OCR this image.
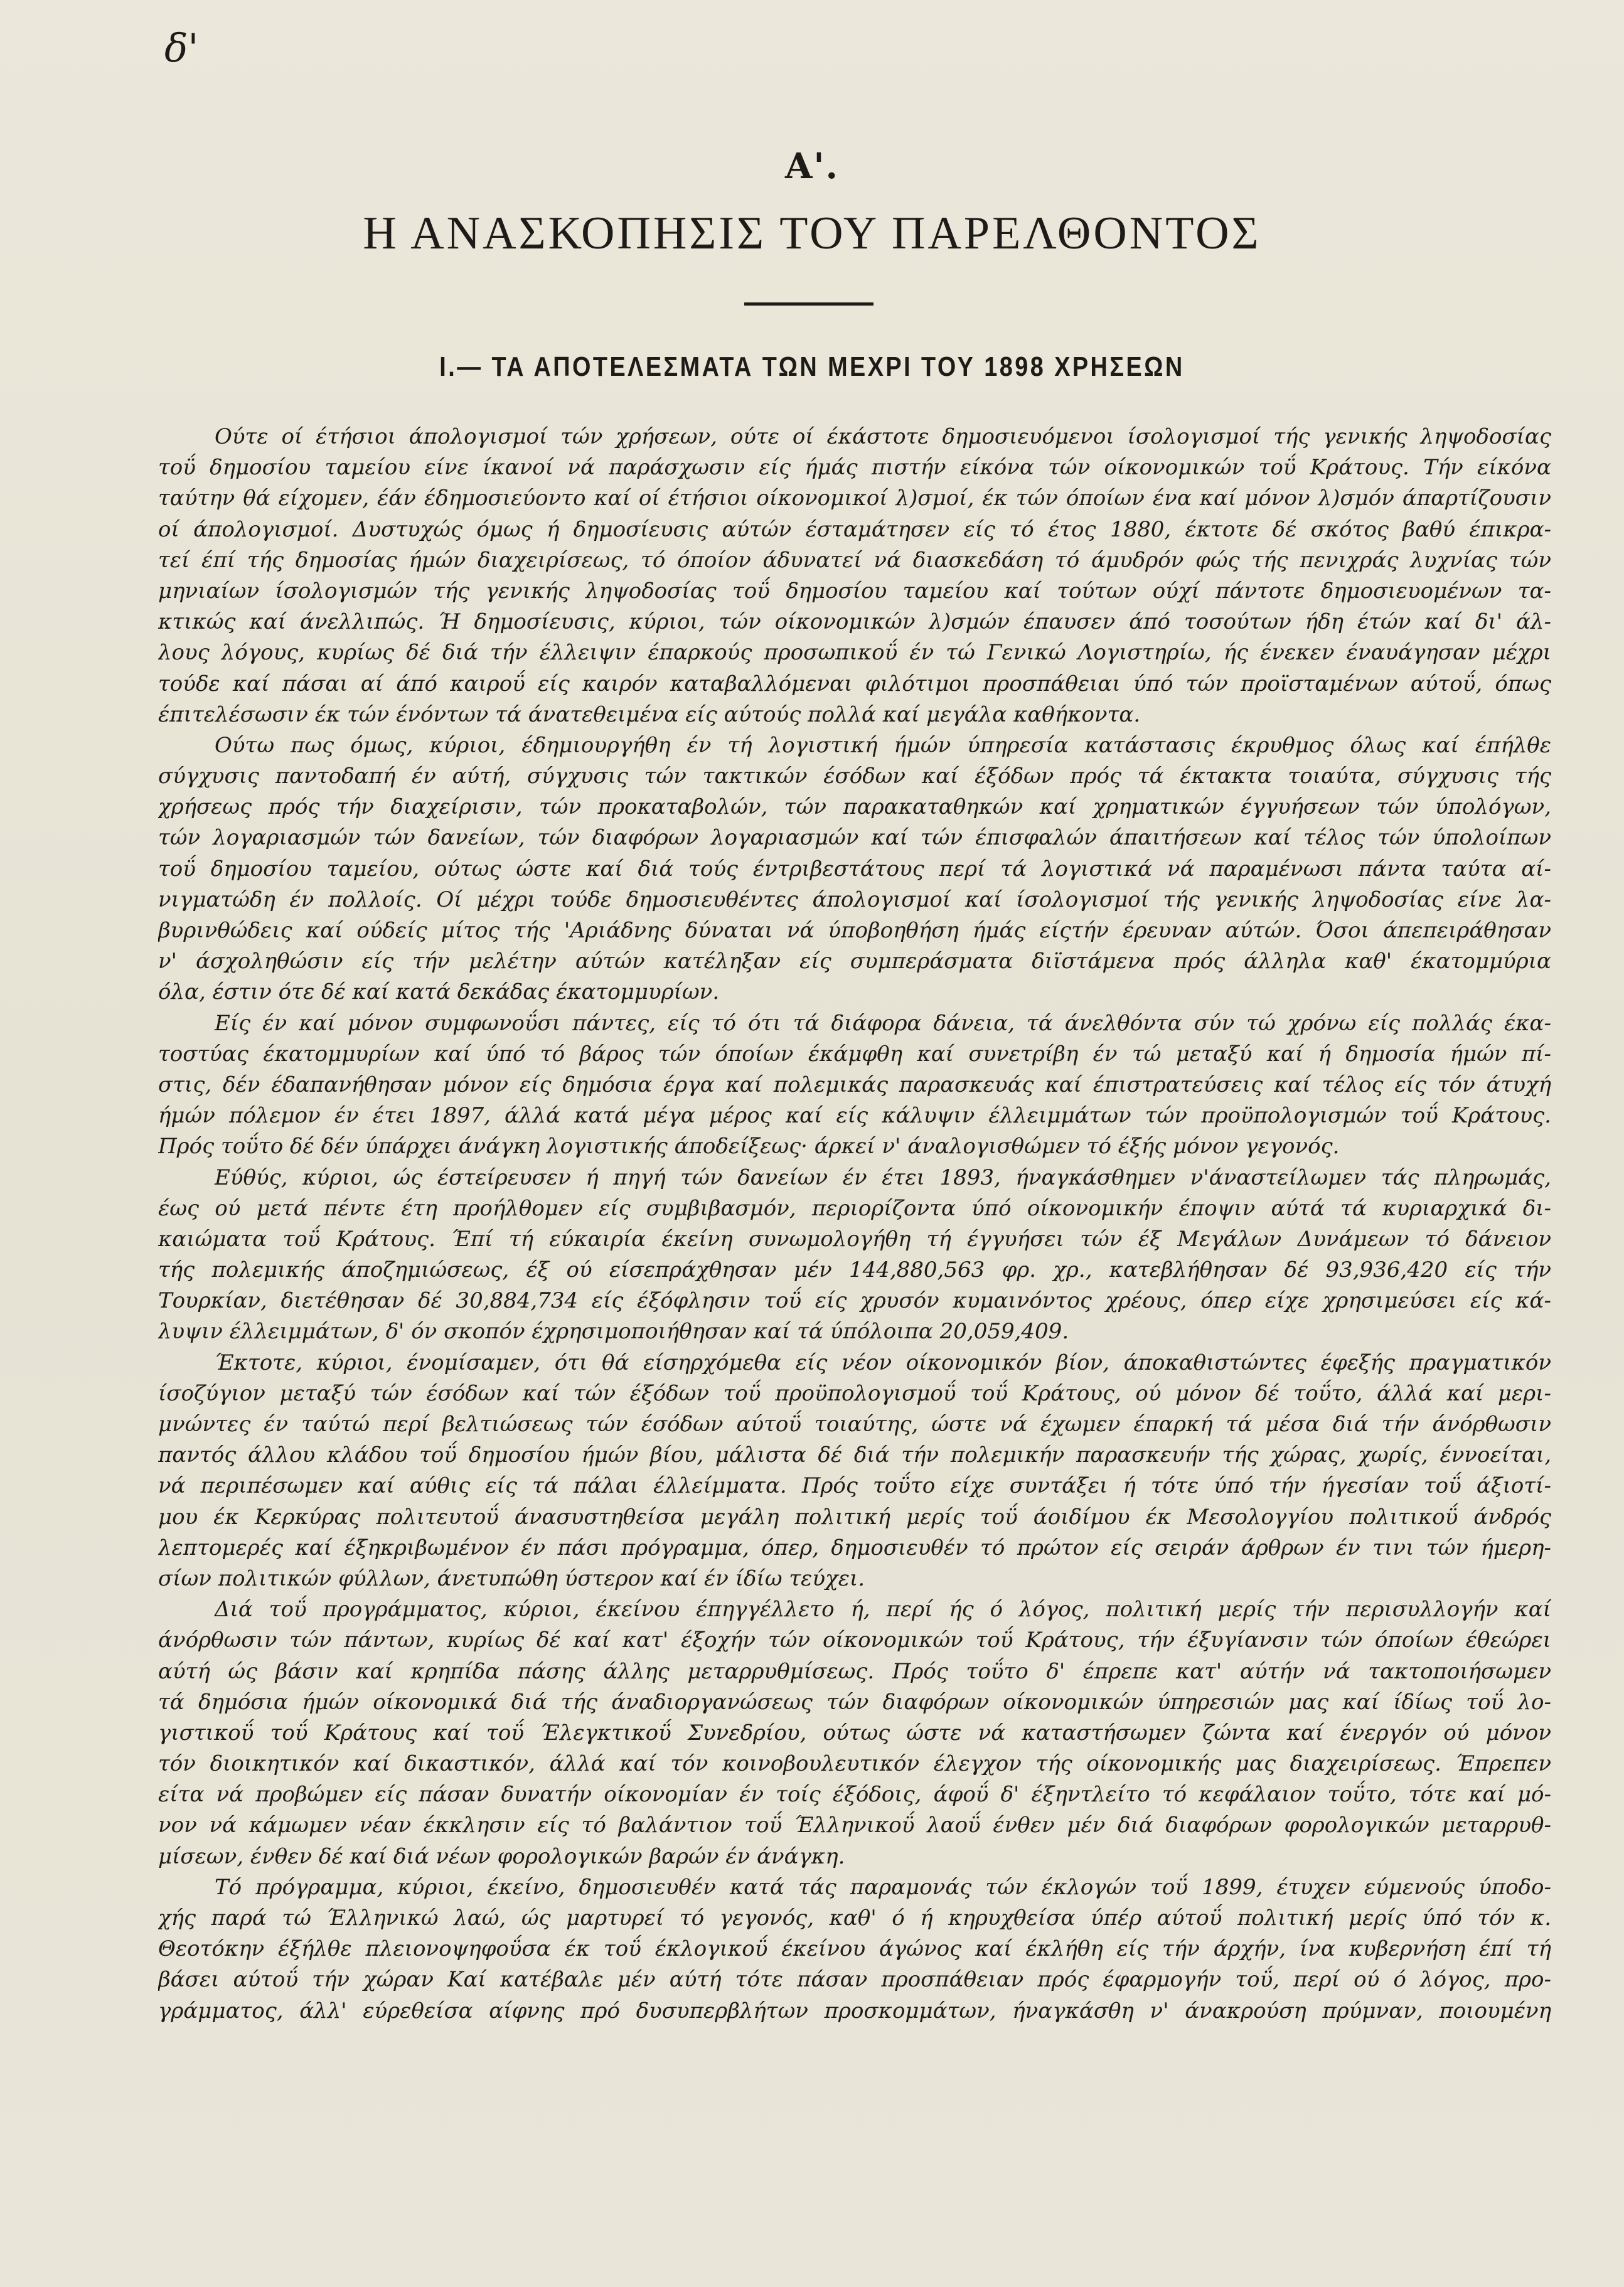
δ'
Α'.
Η ΑΝΑΣΚΟΠΗΣΙΣ ΤΟΥ ΠΑΡΕΛΘΟΝΤΟΣ
I.— ΤΑ ΑΠΟΤΕΛΕΣΜΑΤΑ ΤΩΝ ΜΕΧΡΙ ΤΟΥ 1898 ΧΡΗΣΕΩΝ
Ούτε οί έτήσιοι άπολογισμοί τών χρήσεων, ούτε οί έκάστοτε δημοσιευόμενοι ίσολογισμοί τής γενικής ληψοδοσίας
τοΰ δημοσίου ταμείου είνε ίκανοί νά παράσχωσιν είς ήμάς πιστήν είκόνα τών οίκονομικών τοΰ Κράτους. Τήν είκόνα
ταύτην θά είχομεν, έάν έδημοσιεύοντο καί οί έτήσιοι οίκονομικοί λ)σμοί, έκ τών όποίων ένα καί μόνον λ)σμόν άπαρτίζουσιν
οί άπολογισμοί. Δυστυχώς όμως ή δημοσίευσις αύτών έσταμάτησεν είς τό έτος 1880, έκτοτε δέ σκότος βαθύ έπικρα-
τεί έπί τής δημοσίας ήμών διαχειρίσεως, τό όποίον άδυνατεί νά διασκεδάση τό άμυδρόν φώς τής πενιχράς λυχνίας τών
μηνιαίων ίσολογισμών τής γενικής ληψοδοσίας τοΰ δημοσίου ταμείου καί τούτων ούχί πάντοτε δημοσιευομένων τα-
κτικώς καί άνελλιπώς. Ή δημοσίευσις, κύριοι, τών οίκονομικών λ)σμών έπαυσεν άπό τοσούτων ήδη έτών καί δι' άλ-
λους λόγους, κυρίως δέ διά τήν έλλειψιν έπαρκούς προσωπικοΰ έν τώ Γενικώ Λογιστηρίω, ής ένεκεν έναυάγησαν μέχρι
τούδε καί πάσαι αί άπό καιροΰ είς καιρόν καταβαλλόμεναι φιλότιμοι προσπάθειαι ύπό τών προϊσταμένων αύτοΰ, όπως
έπιτελέσωσιν έκ τών ένόντων τά άνατεθειμένα είς αύτούς πολλά καί μεγάλα καθήκοντα.
Ούτω πως όμως, κύριοι, έδημιουργήθη έν τή λογιστική ήμών ύπηρεσία κατάστασις έκρυθμος όλως καί έπήλθε
σύγχυσις παντοδαπή έν αύτή, σύγχυσις τών τακτικών έσόδων καί έξόδων πρός τά έκτακτα τοιαύτα, σύγχυσις τής
χρήσεως πρός τήν διαχείρισιν, τών προκαταβολών, τών παρακαταθηκών καί χρηματικών έγγυήσεων τών ύπολόγων,
τών λογαριασμών τών δανείων, τών διαφόρων λογαριασμών καί τών έπισφαλών άπαιτήσεων καί τέλος τών ύπολοίπων
τοΰ δημοσίου ταμείου, ούτως ώστε καί διά τούς έντριβεστάτους περί τά λογιστικά νά παραμένωσι πάντα ταύτα αί-
νιγματώδη έν πολλοίς. Οί μέχρι τούδε δημοσιευθέντες άπολογισμοί καί ίσολογισμοί τής γενικής ληψοδοσίας είνε λα-
βυρινθώδεις καί ούδείς μίτος τής 'Αριάδνης δύναται νά ύποβοηθήση ήμάς είςτήν έρευναν αύτών. Όσοι άπεπειράθησαν
ν' άσχοληθώσιν είς τήν μελέτην αύτών κατέληξαν είς συμπεράσματα διϊστάμενα πρός άλληλα καθ' έκατομμύρια
όλα, έστιν ότε δέ καί κατά δεκάδας έκατομμυρίων.
Είς έν καί μόνον συμφωνοΰσι πάντες, είς τό ότι τά διάφορα δάνεια, τά άνελθόντα σύν τώ χρόνω είς πολλάς έκα-
τοστύας έκατομμυρίων καί ύπό τό βάρος τών όποίων έκάμφθη καί συνετρίβη έν τώ μεταξύ καί ή δημοσία ήμών πί-
στις, δέν έδαπανήθησαν μόνον είς δημόσια έργα καί πολεμικάς παρασκευάς καί έπιστρατεύσεις καί τέλος είς τόν άτυχή
ήμών πόλεμον έν έτει 1897, άλλά κατά μέγα μέρος καί είς κάλυψιν έλλειμμάτων τών προϋπολογισμών τοΰ Κράτους.
Πρός τοΰτο δέ δέν ύπάρχει άνάγκη λογιστικής άποδείξεως· άρκεί ν' άναλογισθώμεν τό έξής μόνον γεγονός.
Εύθύς, κύριοι, ώς έστείρευσεν ή πηγή τών δανείων έν έτει 1893, ήναγκάσθημεν ν'άναστείλωμεν τάς πληρωμάς,
έως ού μετά πέντε έτη προήλθομεν είς συμβιβασμόν, περιορίζοντα ύπό οίκονομικήν έποψιν αύτά τά κυριαρχικά δι-
καιώματα τοΰ Κράτους. Έπί τή εύκαιρία έκείνη συνωμολογήθη τή έγγυήσει τών έξ Μεγάλων Δυνάμεων τό δάνειον
τής πολεμικής άποζημιώσεως, έξ ού είσεπράχθησαν μέν 144,880,563 φρ. χρ., κατεβλήθησαν δέ 93,936,420 είς τήν
Τουρκίαν, διετέθησαν δέ 30,884,734 είς έξόφλησιν τοΰ είς χρυσόν κυμαινόντος χρέους, όπερ είχε χρησιμεύσει είς κά-
λυψιν έλλειμμάτων, δ' όν σκοπόν έχρησιμοποιήθησαν καί τά ύπόλοιπα 20,059,409.
Έκτοτε, κύριοι, ένομίσαμεν, ότι θά είσηρχόμεθα είς νέον οίκονομικόν βίον, άποκαθιστώντες έφεξής πραγματικόν
ίσοζύγιον μεταξύ τών έσόδων καί τών έξόδων τοΰ προϋπολογισμοΰ τοΰ Κράτους, ού μόνον δέ τοΰτο, άλλά καί μερι-
μνώντες έν ταύτώ περί βελτιώσεως τών έσόδων αύτοΰ τοιαύτης, ώστε νά έχωμεν έπαρκή τά μέσα διά τήν άνόρθωσιν
παντός άλλου κλάδου τοΰ δημοσίου ήμών βίου, μάλιστα δέ διά τήν πολεμικήν παρασκευήν τής χώρας, χωρίς, έννοείται,
νά περιπέσωμεν καί αύθις είς τά πάλαι έλλείμματα. Πρός τοΰτο είχε συντάξει ή τότε ύπό τήν ήγεσίαν τοΰ άξιοτί-
μου έκ Κερκύρας πολιτευτοΰ άνασυστηθείσα μεγάλη πολιτική μερίς τοΰ άοιδίμου έκ Μεσολογγίου πολιτικοΰ άνδρός
λεπτομερές καί έξηκριβωμένον έν πάσι πρόγραμμα, όπερ, δημοσιευθέν τό πρώτον είς σειράν άρθρων έν τινι τών ήμερη-
σίων πολιτικών φύλλων, άνετυπώθη ύστερον καί έν ίδίω τεύχει.
Διά τοΰ προγράμματος, κύριοι, έκείνου έπηγγέλλετο ή, περί ής ό λόγος, πολιτική μερίς τήν περισυλλογήν καί
άνόρθωσιν τών πάντων, κυρίως δέ καί κατ' έξοχήν τών οίκονομικών τοΰ Κράτους, τήν έξυγίανσιν τών όποίων έθεώρει
αύτή ώς βάσιν καί κρηπίδα πάσης άλλης μεταρρυθμίσεως. Πρός τοΰτο δ' έπρεπε κατ' αύτήν νά τακτοποιήσωμεν
τά δημόσια ήμών οίκονομικά διά τής άναδιοργανώσεως τών διαφόρων οίκονομικών ύπηρεσιών μας καί ίδίως τοΰ λο-
γιστικοΰ τοΰ Κράτους καί τοΰ Έλεγκτικοΰ Συνεδρίου, ούτως ώστε νά καταστήσωμεν ζώντα καί ένεργόν ού μόνον
τόν διοικητικόν καί δικαστικόν, άλλά καί τόν κοινοβουλευτικόν έλεγχον τής οίκονομικής μας διαχειρίσεως. Έπρεπεν
είτα νά προβώμεν είς πάσαν δυνατήν οίκονομίαν έν τοίς έξόδοις, άφοΰ δ' έξηντλείτο τό κεφάλαιον τοΰτο, τότε καί μό-
νον νά κάμωμεν νέαν έκκλησιν είς τό βαλάντιον τοΰ Έλληνικοΰ λαοΰ ένθεν μέν διά διαφόρων φορολογικών μεταρρυθ-
μίσεων, ένθεν δέ καί διά νέων φορολογικών βαρών έν άνάγκη.
Τό πρόγραμμα, κύριοι, έκείνο, δημοσιευθέν κατά τάς παραμονάς τών έκλογών τοΰ 1899, έτυχεν εύμενούς ύποδο-
χής παρά τώ Έλληνικώ λαώ, ώς μαρτυρεί τό γεγονός, καθ' ό ή κηρυχθείσα ύπέρ αύτοΰ πολιτική μερίς ύπό τόν κ.
Θεοτόκην έξήλθε πλειονοψηφοΰσα έκ τοΰ έκλογικοΰ έκείνου άγώνος καί έκλήθη είς τήν άρχήν, ίνα κυβερνήση έπί τή
βάσει αύτοΰ τήν χώραν Καί κατέβαλε μέν αύτή τότε πάσαν προσπάθειαν πρός έφαρμογήν τοΰ, περί ού ό λόγος, προ-
γράμματος, άλλ' εύρεθείσα αίφνης πρό δυσυπερβλήτων προσκομμάτων, ήναγκάσθη ν' άνακρούση πρύμναν, ποιουμένη
